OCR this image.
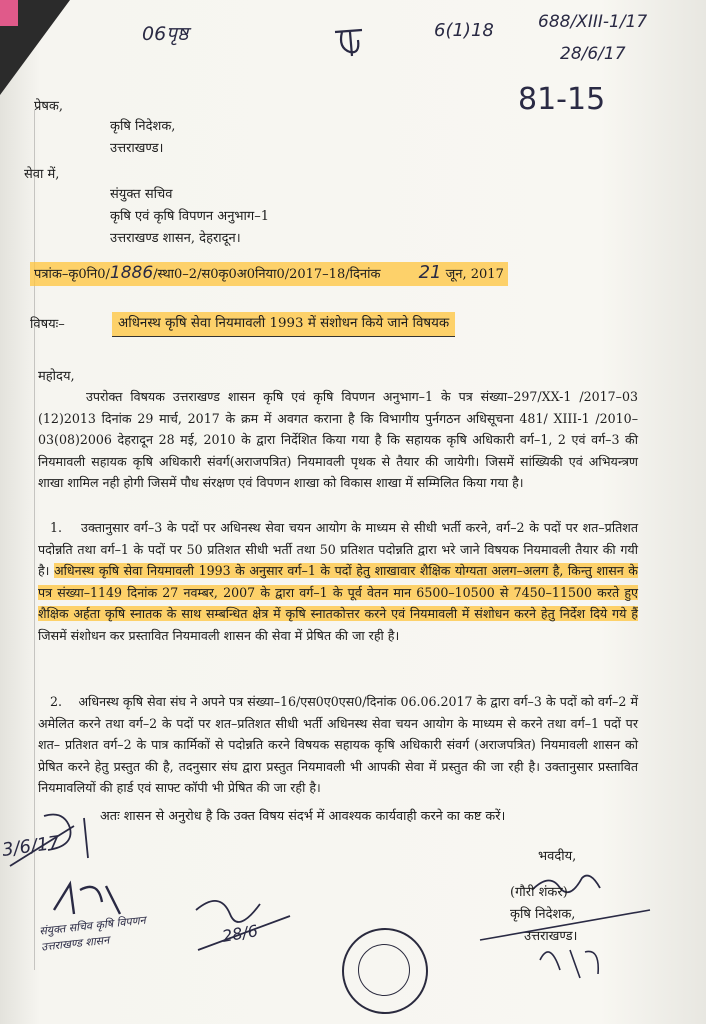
06पृष्ठ	6(1)18	688/XIII-1/17
28/6/17
81-15
प्रेषक,
कृषि निदेशक,
उत्तराखण्ड।
सेवा में,
संयुक्त सचिव
कृषि एवं कृषि विपणन अनुभाग–1
उत्तराखण्ड शासन, देहरादून।
पत्रांक–कृ0नि0/1886/स्था0–2/स0कृ0अ0निया0/2017–18/दिनांक 21 जून, 2017
विषयः–	अधिनस्थ कृषि सेवा नियमावली 1993 में संशोधन किये जाने विषयक
महोदय,
उपरोक्त विषयक उत्तराखण्ड शासन कृषि एवं कृषि विपणन अनुभाग–1 के पत्र संख्या–297/XX-1 /2017–03 (12)2013 दिनांक 29 मार्च, 2017 के क्रम में अवगत कराना है कि विभागीय पुर्नगठन अधिसूचना 481/ XIII-1 /2010–03(08)2006 देहरादून 28 मई, 2010 के द्वारा निर्देशित किया गया है कि सहायक कृषि अधिकारी वर्ग–1, 2 एवं वर्ग–3 की नियमावली सहायक कृषि अधिकारी संवर्ग(अराजपत्रित) नियमावली पृथक से तैयार की जायेगी। जिसमें सांख्यिकी एवं अभियन्त्रण शाखा शामिल नही होगी जिसमें पौध संरक्षण एवं विपणन शाखा को विकास शाखा में सम्मिलित किया गया है।
1. उक्तानुसार वर्ग–3 के पदों पर अधिनस्थ सेवा चयन आयोग के माध्यम से सीधी भर्ती करने, वर्ग–2 के पदों पर शत–प्रतिशत पदोन्नति तथा वर्ग–1 के पदों पर 50 प्रतिशत सीधी भर्ती तथा 50 प्रतिशत पदोन्नति द्वारा भरे जाने विषयक नियमावली तैयार की गयी है। अधिनस्थ कृषि सेवा नियमावली 1993 के अनुसार वर्ग–1 के पदों हेतु शाखावार शैक्षिक योग्यता अलग–अलग है, किन्तु शासन के पत्र संख्या–1149 दिनांक 27 नवम्बर, 2007 के द्वारा वर्ग–1 के पूर्व वेतन मान 6500–10500 से 7450–11500 करते हुए शैक्षिक अर्हता कृषि स्नातक के साथ सम्बन्धित क्षेत्र में कृषि स्नातकोत्तर करने एवं नियमावली में संशोधन करने हेतु निर्देश दिये गये हैं जिसमें संशोधन कर प्रस्तावित नियमावली शासन की सेवा में प्रेषित की जा रही है।
2. अधिनस्थ कृषि सेवा संघ ने अपने पत्र संख्या–16/एस0ए0एस0/दिनांक 06.06.2017 के द्वारा वर्ग–3 के पदों को वर्ग–2 में अमेलित करने तथा वर्ग–2 के पदों पर शत–प्रतिशत सीधी भर्ती अधिनस्थ सेवा चयन आयोग के माध्यम से करने तथा वर्ग–1 पदों पर शत– प्रतिशत वर्ग–2 के पात्र कार्मिकों से पदोन्नति करने विषयक सहायक कृषि अधिकारी संवर्ग (अराजपत्रित) नियमावली शासन को प्रेषित करने हेतु प्रस्तुत की है, तदनुसार संघ द्वारा प्रस्तुत नियमावली भी आपकी सेवा में प्रस्तुत की जा रही है। उक्तानुसार प्रस्तावित नियमावलियों की हार्ड एवं साफ्ट कॉपी भी प्रेषित की जा रही है।
अतः शासन से अनुरोध है कि उक्त विषय संदर्भ में आवश्यक कार्यवाही करने का कष्ट करें।
भवदीय,
(गौरी शंकर)
कृषि निदेशक,
उत्तराखण्ड।
3/6/17
संयुक्त सचिव कृषि विपणन उत्तराखण्ड शासन	28/6
